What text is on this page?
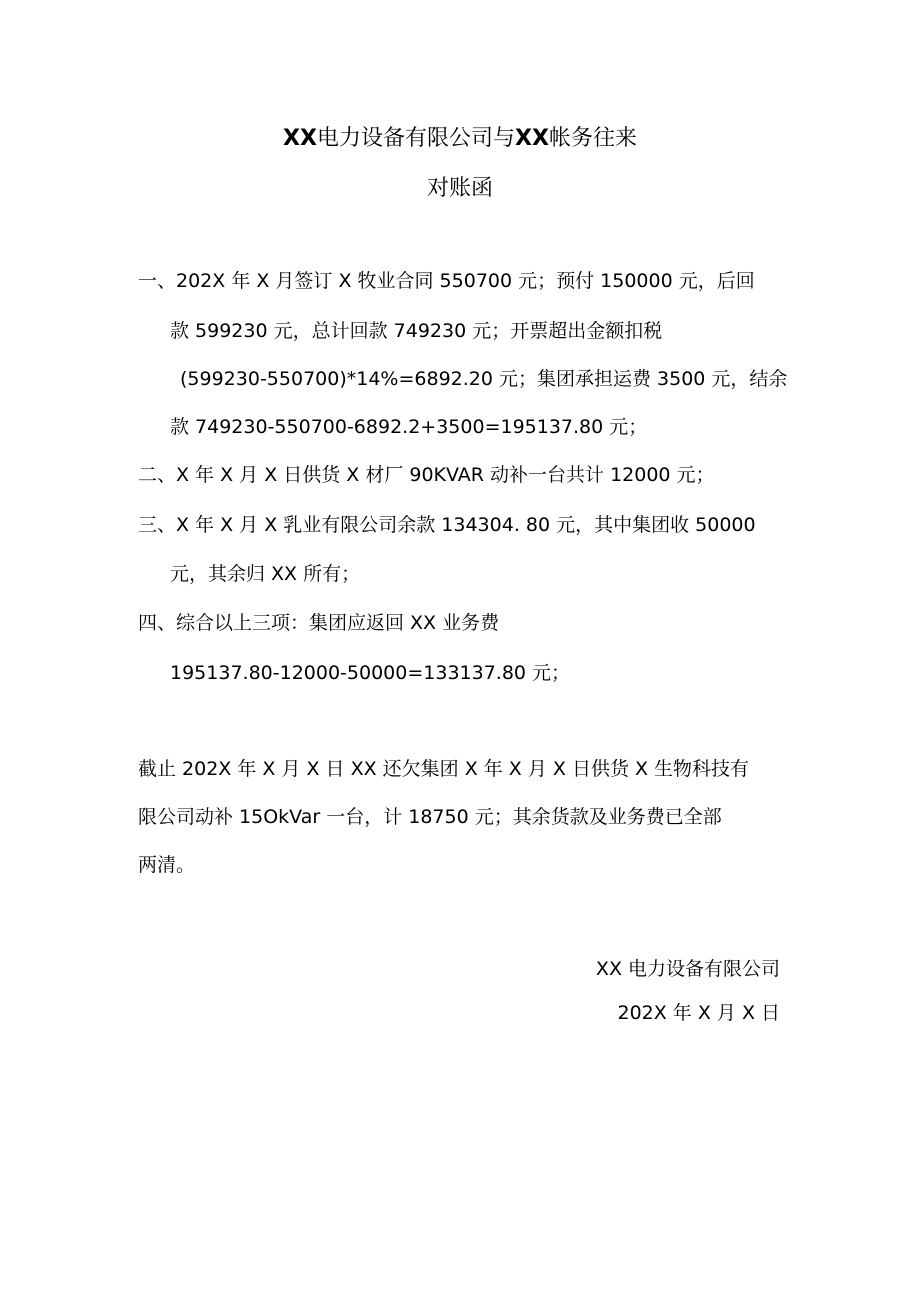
XX电力设备有限公司与XX帐务往来
对账函
一、202X 年 X 月签订 X 牧业合同 550700 元；预付 150000 元，后回
款 599230 元，总计回款 749230 元；开票超出金额扣税
(599230-550700)*14%=6892.20 元；集团承担运费 3500 元，结余
款 749230-550700-6892.2+3500=195137.80 元；
二、X 年 X 月 X 日供货 X 材厂 90KVAR 动补一台共计 12000 元；
三、X 年 X 月 X 乳业有限公司余款 134304. 80 元，其中集团收 50000
元，其余归 XX 所有；
四、综合以上三项：集团应返回 XX 业务费
195137.80-12000-50000=133137.80 元；
截止 202X 年 X 月 X 日 XX 还欠集团 X 年 X 月 X 日供货 X 生物科技有
限公司动补 15OkVar 一台，计 18750 元；其余货款及业务费已全部
两清。
XX 电力设备有限公司
202X 年 X 月 X 日
